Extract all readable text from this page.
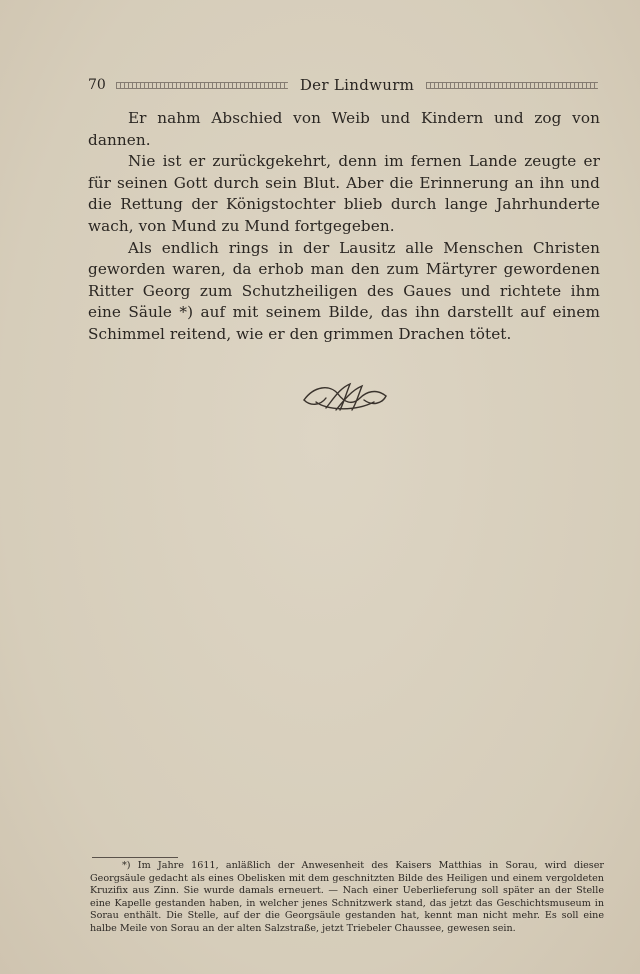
70	Der Lindwurm

Er nahm Abschied von Weib und Kindern und zog von dannen.

Nie ist er zurückgekehrt, denn im fernen Lande zeugte er für seinen Gott durch sein Blut. Aber die Erinnerung an ihn und die Rettung der Königstochter blieb durch lange Jahrhunderte wach, von Mund zu Mund fortgegeben.

Als endlich rings in der Lausitz alle Menschen Christen geworden waren, da erhob man den zum Märtyrer gewordenen Ritter Georg zum Schutzheiligen des Gaues und richtete ihm eine Säule *) auf mit seinem Bilde, das ihn darstellt auf einem Schimmel reitend, wie er den grimmen Drachen tötet.

*) Im Jahre 1611, anläßlich der Anwesenheit des Kaisers Matthias in Sorau, wird dieser Georgsäule gedacht als eines Obelisken mit dem geschnitzten Bilde des Heiligen und einem vergoldeten Kruzifix aus Zinn. Sie wurde damals erneuert. — Nach einer Ueberlieferung soll später an der Stelle eine Kapelle gestanden haben, in welcher jenes Schnitzwerk stand, das jetzt das Geschichtsmuseum in Sorau enthält. Die Stelle, auf der die Georgsäule gestanden hat, kennt man nicht mehr. Es soll eine halbe Meile von Sorau an der alten Salzstraße, jetzt Triebeler Chaussee, gewesen sein.
